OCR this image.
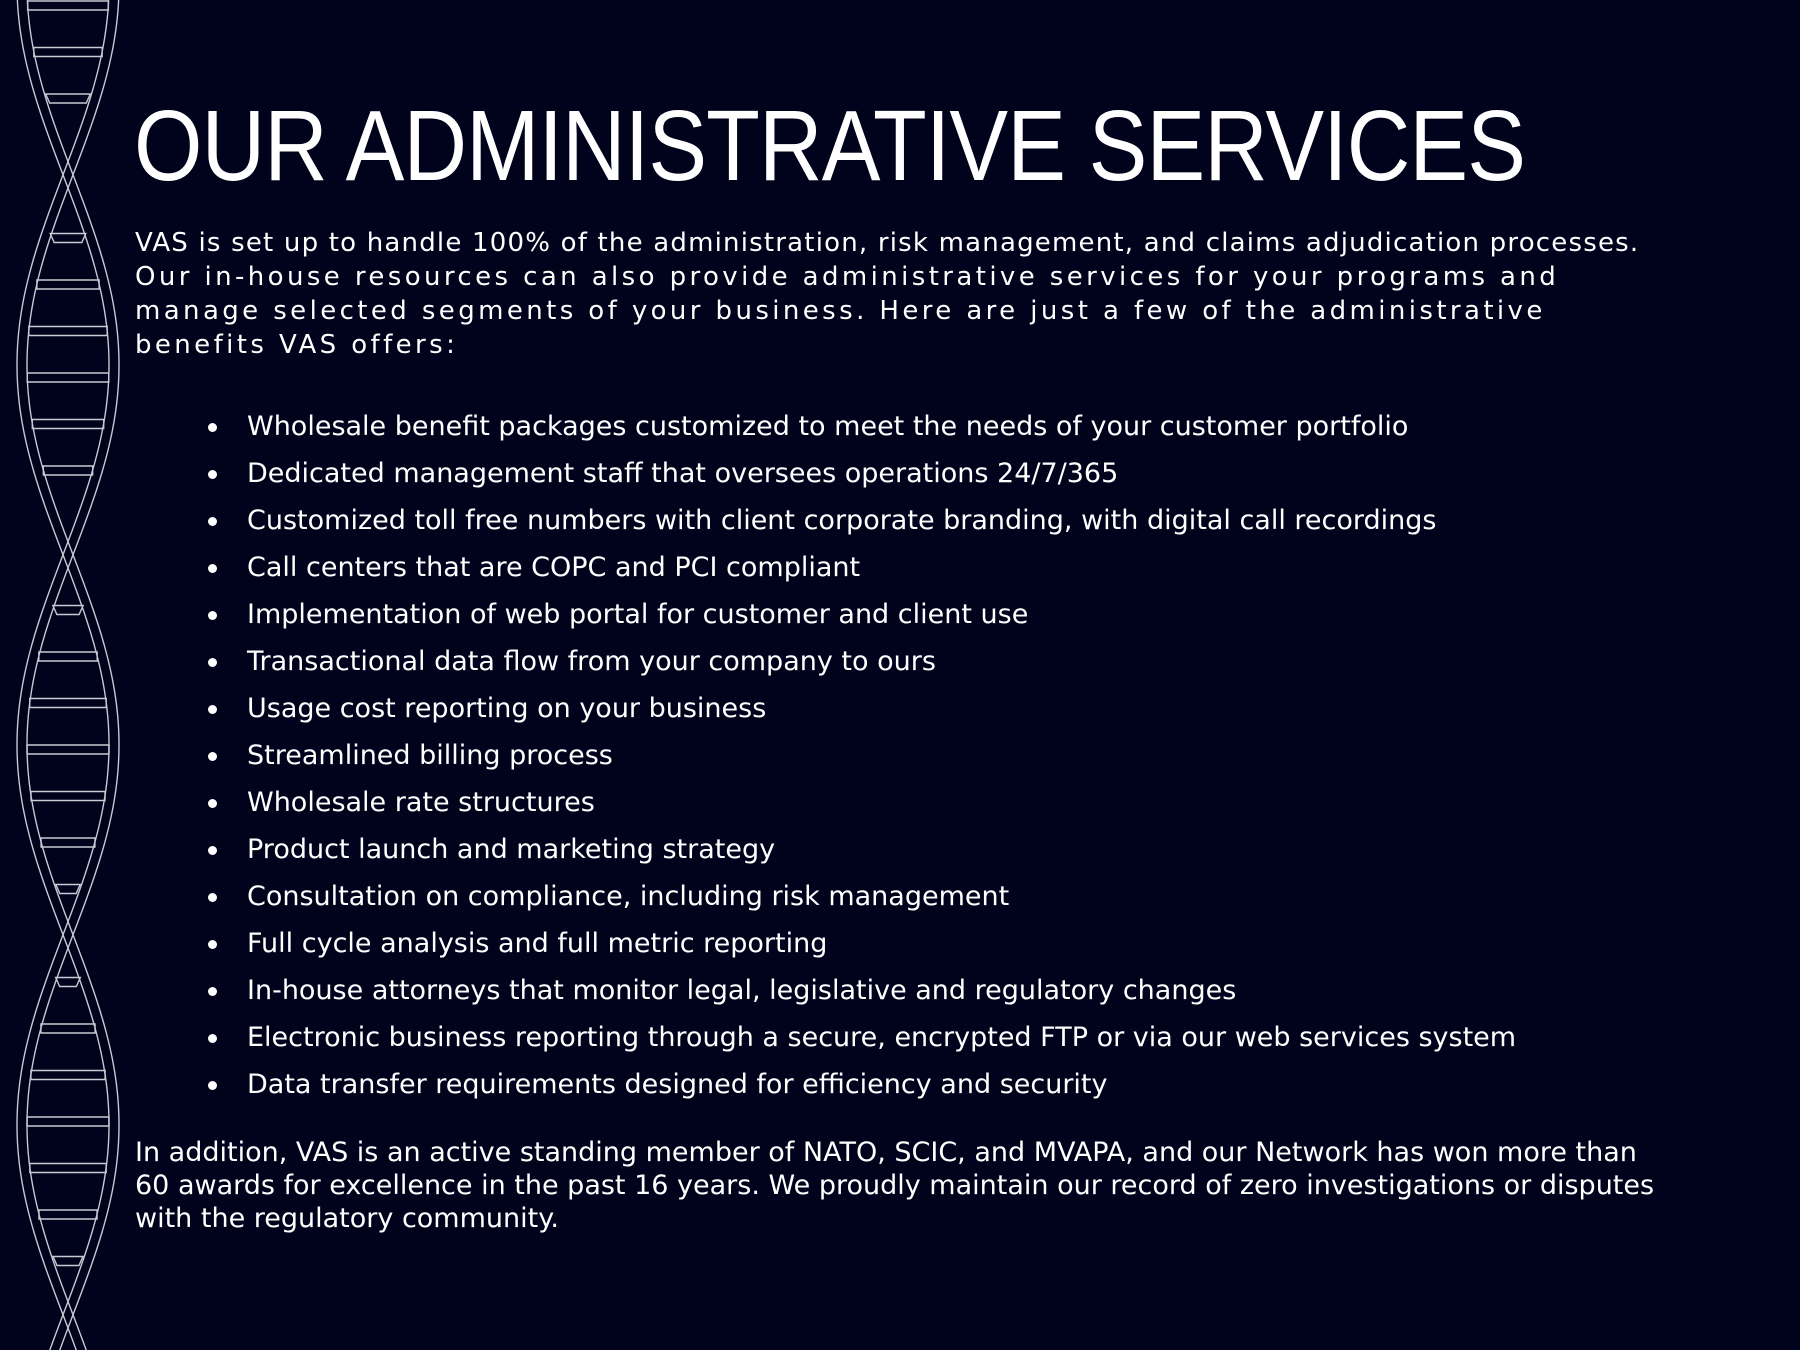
OUR ADMINISTRATIVE SERVICES

VAS is set up to handle 100% of the administration, risk management, and claims adjudication processes.
Our in-house resources can also provide administrative services for your programs and
manage selected segments of your business. Here are just a few of the administrative
benefits VAS offers:

Wholesale benefit packages customized to meet the needs of your customer portfolio
Dedicated management staff that oversees operations 24/7/365
Customized toll free numbers with client corporate branding, with digital call recordings
Call centers that are COPC and PCI compliant
Implementation of web portal for customer and client use
Transactional data flow from your company to ours
Usage cost reporting on your business
Streamlined billing process
Wholesale rate structures
Product launch and marketing strategy
Consultation on compliance, including risk management
Full cycle analysis and full metric reporting
In-house attorneys that monitor legal, legislative and regulatory changes
Electronic business reporting through a secure, encrypted FTP or via our web services system
Data transfer requirements designed for efficiency and security

In addition, VAS is an active standing member of NATO, SCIC, and MVAPA, and our Network has won more than
60 awards for excellence in the past 16 years. We proudly maintain our record of zero investigations or disputes
with the regulatory community.
